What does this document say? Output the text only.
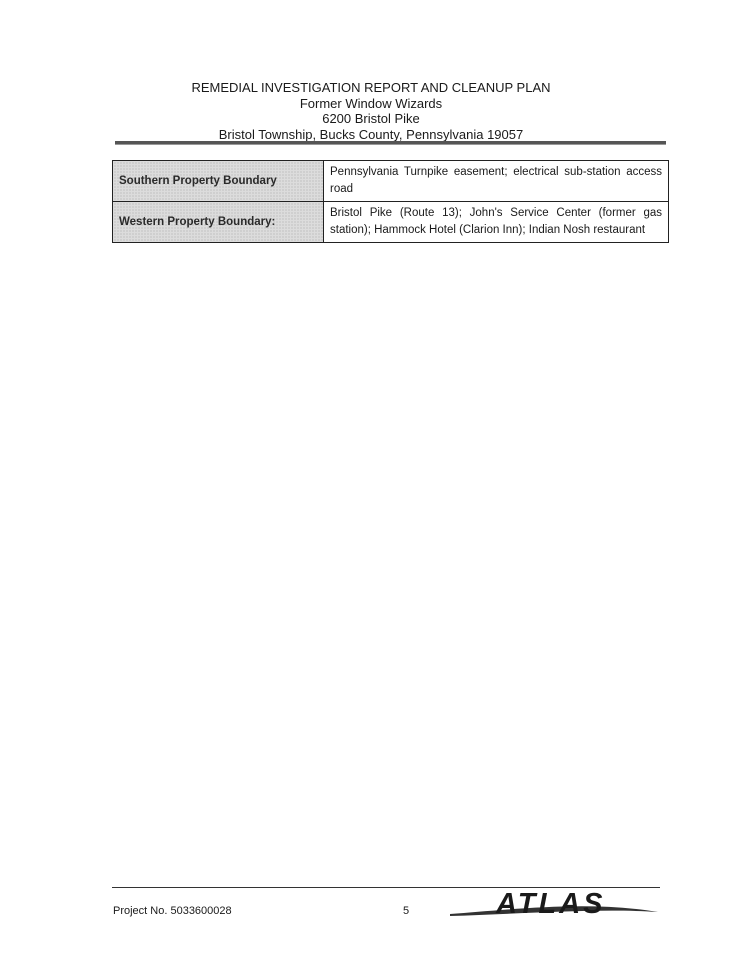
REMEDIAL INVESTIGATION REPORT AND CLEANUP PLAN
Former Window Wizards
6200 Bristol Pike
Bristol Township, Bucks County, Pennsylvania 19057
Southern Property Boundary	Pennsylvania Turnpike easement; electrical sub-station access road
Western Property Boundary:	Bristol Pike (Route 13); John's Service Center (former gas station); Hammock Hotel (Clarion Inn); Indian Nosh restaurant
Project No. 5033600028	5	ATLAS
